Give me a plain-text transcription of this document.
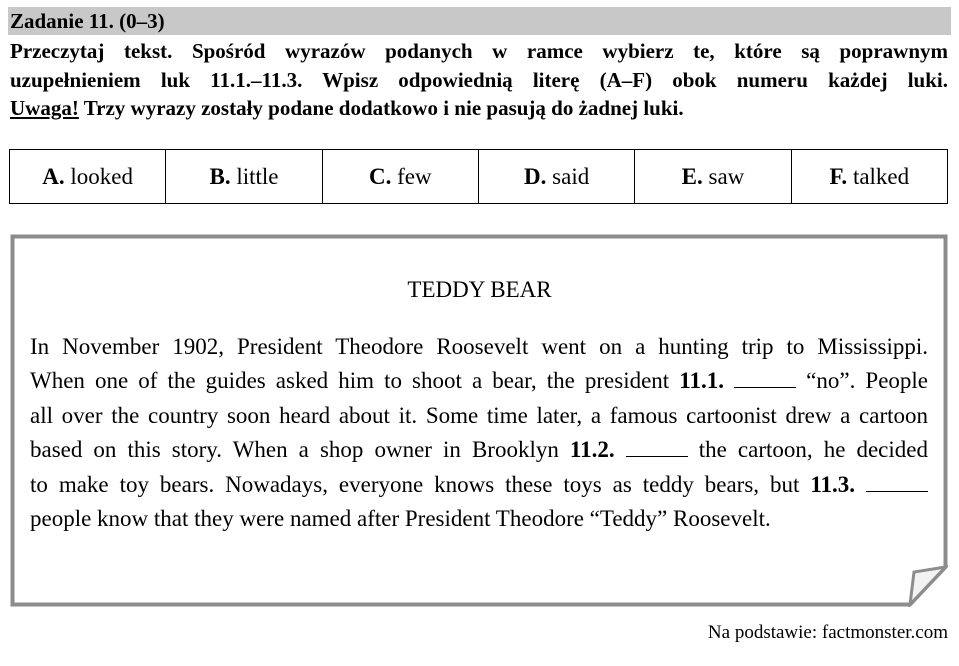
Zadanie 11. (0–3)
Przeczytaj tekst. Spośród wyrazów podanych w ramce wybierz te, które są poprawnym
uzupełnieniem luk 11.1.–11.3. Wpisz odpowiednią literę (A–F) obok numeru każdej luki.
Uwaga! Trzy wyrazy zostały podane dodatkowo i nie pasują do żadnej luki.
A. looked	B. little	C. few	D. said	E. saw	F. talked
TEDDY BEAR
In November 1902, President Theodore Roosevelt went on a hunting trip to Mississippi.
When one of the guides asked him to shoot a bear, the president 11.1.	“no”. People
all over the country soon heard about it. Some time later, a famous cartoonist drew a cartoon
based on this story. When a shop owner in Brooklyn 11.2.	the cartoon, he decided
to make toy bears. Nowadays, everyone knows these toys as teddy bears, but 11.3.
people know that they were named after President Theodore “Teddy” Roosevelt.
Na podstawie: factmonster.com
